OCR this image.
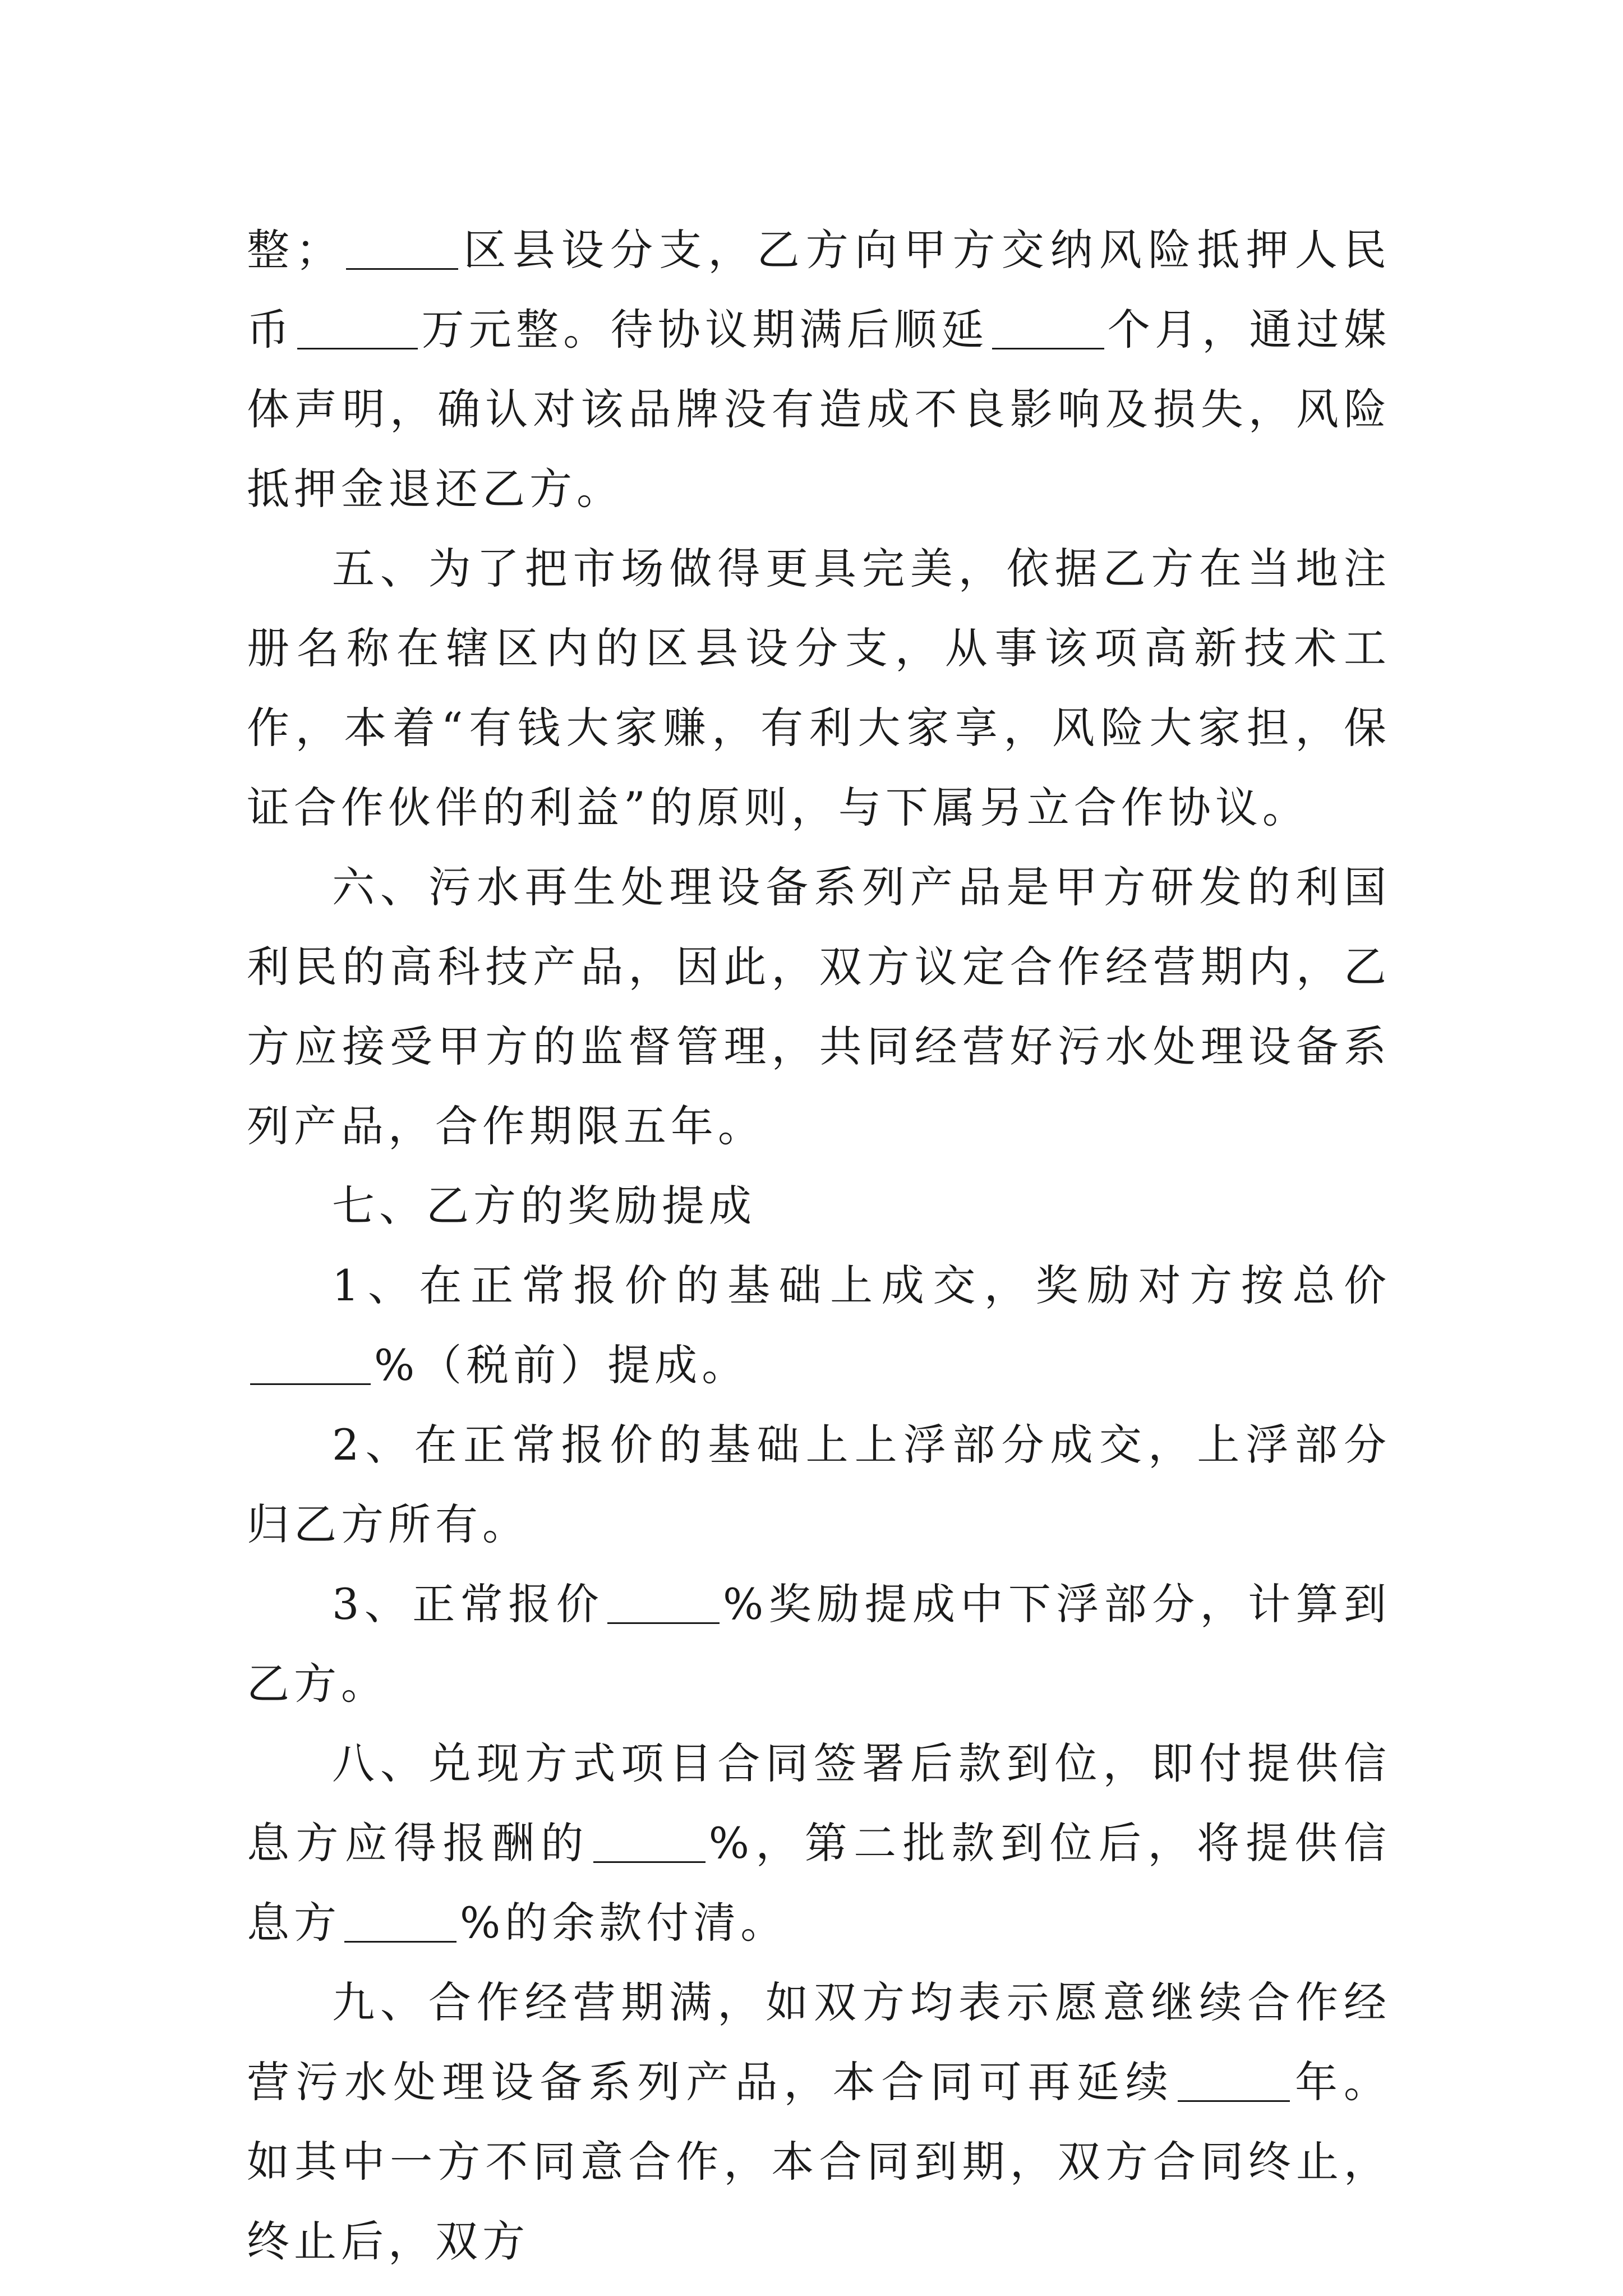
整；	区县设分支，乙方向甲方交纳风险抵押人民币	万元整。待协议期满后顺延	个月，通过媒体声明，确认对该品牌没有造成不良影响及损失，风险抵押金退还乙方。

五、为了把市场做得更具完美，依据乙方在当地注册名称在辖区内的区县设分支，从事该项高新技术工作，本着“有钱大家赚，有利大家享，风险大家担，保证合作伙伴的利益”的原则，与下属另立合作协议。

六、污水再生处理设备系列产品是甲方研发的利国利民的高科技产品，因此，双方议定合作经营期内，乙方应接受甲方的监督管理，共同经营好污水处理设备系列产品，合作期限五年。

七、乙方的奖励提成

1、在正常报价的基础上成交，奖励对方按总价%（税前）提成。

2、在正常报价的基础上上浮部分成交，上浮部分归乙方所有。

3、正常报价	%奖励提成中下浮部分，计算到乙方。

八、兑现方式项目合同签署后款到位，即付提供信息方应得报酬的	%，第二批款到位后，将提供信息方	%的余款付清。

九、合作经营期满，如双方均表示愿意继续合作经营污水处理设备系列产品，本合同可再延续	年。如其中一方不同意合作，本合同到期，双方合同终止，终止后，双方
